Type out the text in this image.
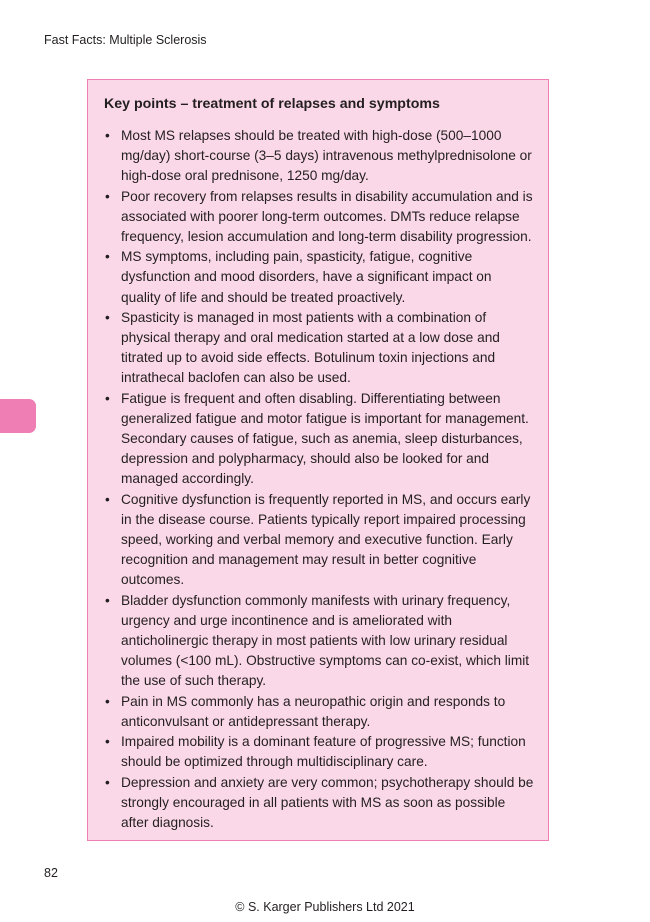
Fast Facts: Multiple Sclerosis
Key points – treatment of relapses and symptoms
• Most MS relapses should be treated with high-dose (500–1000 mg/day) short-course (3–5 days) intravenous methylprednisolone or high-dose oral prednisone, 1250 mg/day.
• Poor recovery from relapses results in disability accumulation and is associated with poorer long-term outcomes. DMTs reduce relapse frequency, lesion accumulation and long-term disability progression.
• MS symptoms, including pain, spasticity, fatigue, cognitive dysfunction and mood disorders, have a significant impact on quality of life and should be treated proactively.
• Spasticity is managed in most patients with a combination of physical therapy and oral medication started at a low dose and titrated up to avoid side effects. Botulinum toxin injections and intrathecal baclofen can also be used.
• Fatigue is frequent and often disabling. Differentiating between generalized fatigue and motor fatigue is important for management. Secondary causes of fatigue, such as anemia, sleep disturbances, depression and polypharmacy, should also be looked for and managed accordingly.
• Cognitive dysfunction is frequently reported in MS, and occurs early in the disease course. Patients typically report impaired processing speed, working and verbal memory and executive function. Early recognition and management may result in better cognitive outcomes.
• Bladder dysfunction commonly manifests with urinary frequency, urgency and urge incontinence and is ameliorated with anticholinergic therapy in most patients with low urinary residual volumes (<100 mL). Obstructive symptoms can co-exist, which limit the use of such therapy.
• Pain in MS commonly has a neuropathic origin and responds to anticonvulsant or antidepressant therapy.
• Impaired mobility is a dominant feature of progressive MS; function should be optimized through multidisciplinary care.
• Depression and anxiety are very common; psychotherapy should be strongly encouraged in all patients with MS as soon as possible after diagnosis.
82
© S. Karger Publishers Ltd 2021
